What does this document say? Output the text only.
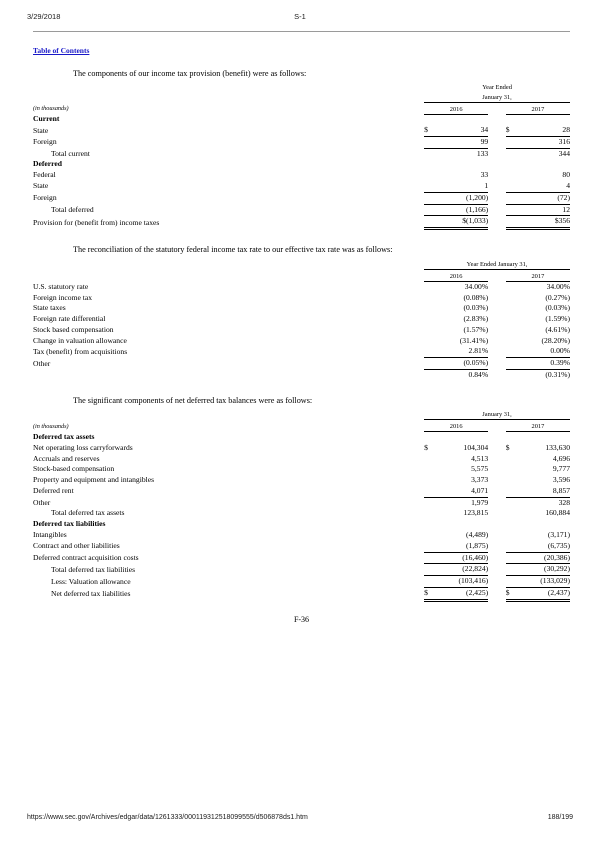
3/29/2018	S-1
Table of Contents

The components of our income tax provision (benefit) were as follows:

		Year Ended
January 31,				

(in thousands)		2016			2017	
Current						
State		$	34		$	28
Foreign			99			316
Total current			133			344
Deferred						
Federal			33			80
State			1			4
Foreign			(1,200)			(72)
Total deferred			(1,166)			12
Provision for (benefit from) income taxes			$(1,033)			$356

The reconciliation of the statutory federal income tax rate to our effective tax rate was as follows:

		Year Ended January 31,				

		2016			2017	
U.S. statutory rate			34.00%			34.00%
Foreign income tax			(0.08%)			(0.27%)
State taxes			(0.03%)			(0.03%)
Foreign rate differential			(2.83%)			(1.59%)
Stock based compensation			(1.57%)			(4.61%)
Change in valuation allowance			(31.41%)			(28.20%)
Tax (benefit) from acquisitions			2.81%			0.00%
Other			(0.05%)			0.39%
			0.84%			(0.31%)

The significant components of net deferred tax balances were as follows:

		January 31,				

(in thousands)		2016			2017	
Deferred tax assets						
Net operating loss carryforwards		$	104,304		$	133,630
Accruals and reserves			4,513			4,696
Stock-based compensation			5,575			9,777
Property and equipment and intangibles			3,373			3,596
Deferred rent			4,071			8,857
Other			1,979			328
Total deferred tax assets			123,815			160,884
Deferred tax liabilities						
Intangibles			(4,489)			(3,171)
Contract and other liabilities			(1,875)			(6,735)
Deferred contract acquisition costs			(16,460)			(20,386)
Total deferred tax liabilities			(22,824)			(30,292)
Less: Valuation allowance			(103,416)			(133,029)
Net deferred tax liabilities		$	(2,425)		$	(2,437)
F-36
https://www.sec.gov/Archives/edgar/data/1261333/000119312518099555/d506878ds1.htm	188/199
